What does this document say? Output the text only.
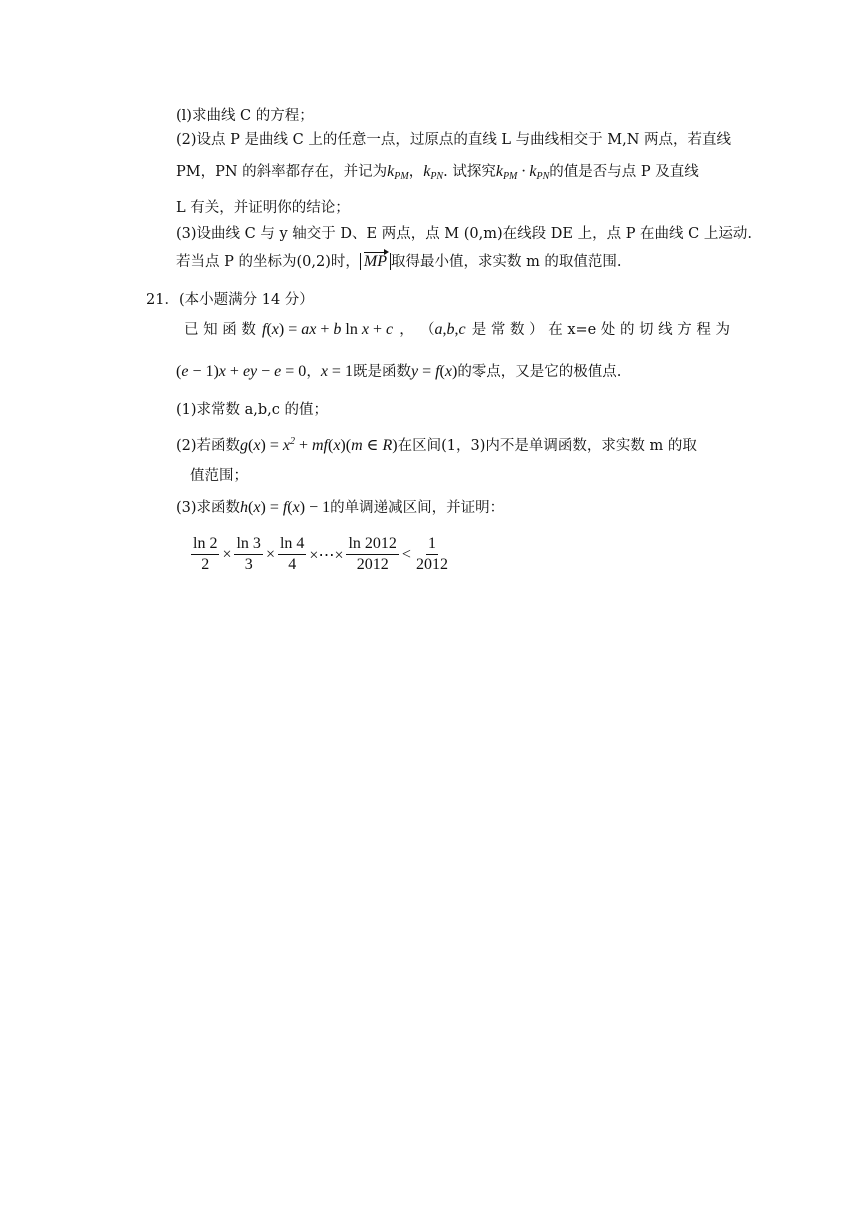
(l)求曲线 C 的方程；
(2)设点 P 是曲线 C 上的任意一点，过原点的直线 L 与曲线相交于 M,N 两点，若直线
PM，PN 的斜率都存在，并记为$k_{PM}$，$k_{PN}$. 试探究$k_{PM} \cdot k_{PN}$的值是否与点 P 及直线
L 有关，并证明你的结论；
(3)设曲线 C 与 y 轴交于 D、E 两点，点 M (0,m)在线段 DE 上，点 P 在曲线 C 上运动.
若当点 P 的坐标为(0,2)时， MP 取得最小值，求实数 m 的取值范围.
21．(本小题满分 14 分）
已 知 函 数 f(x) = ax + b ln x + c ， （a,b,c 是 常 数 ） 在 x=e 处 的 切 线 方 程 为
(e − 1)x + ey − e = 0，x = 1既是函数y = f(x)的零点，又是它的极值点.
(1)求常数 a,b,c 的值；
(2)若函数$g(x) = x^2 + mf(x)(m$ ∈ R)在区间(1，3)内不是单调函数，求实数 m 的取
值范围；
(3)求函数h(x) = f(x) − 1的单调递减区间，并证明：
$\frac{\ln 2}{2} \times \frac{\ln 3}{3} \times \frac{\ln 4}{4}$ ×⋯× $\frac{\ln 2012}{2012} < \frac{1}{2012}$
